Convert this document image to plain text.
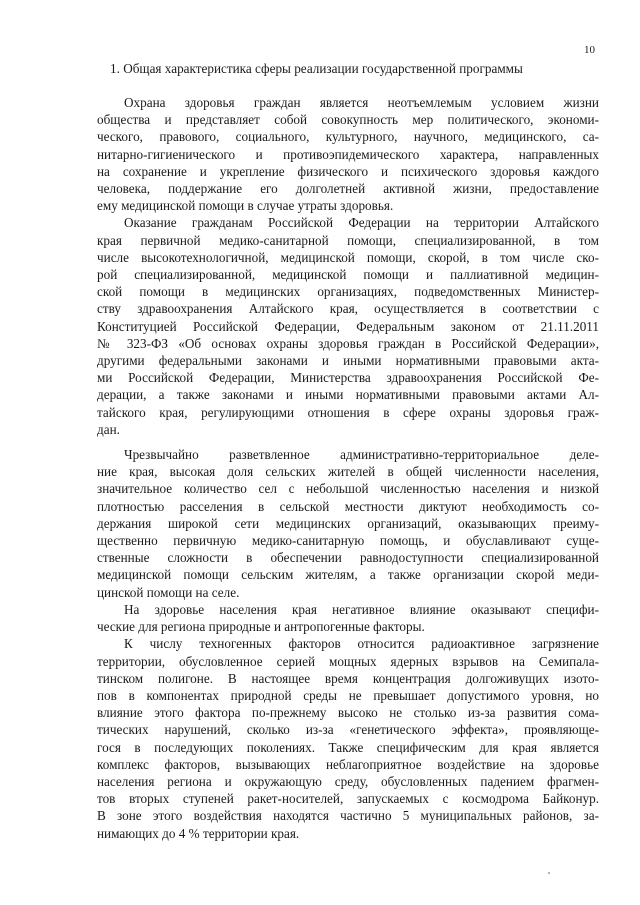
10
1. Общая характеристика сферы реализации государственной программы
Охрана здоровья граждан является неотъемлемым условием жизни
общества и представляет собой совокупность мер политического, экономи-
ческого, правового, социального, культурного, научного, медицинского, са-
нитарно-гигиенического и противоэпидемического характера, направленных
на сохранение и укрепление физического и психического здоровья каждого
человека, поддержание его долголетней активной жизни, предоставление
ему медицинской помощи в случае утраты здоровья.
Оказание гражданам Российской Федерации на территории Алтайского
края первичной медико-санитарной помощи, специализированной, в том
числе высокотехнологичной, медицинской помощи, скорой, в том числе ско-
рой специализированной, медицинской помощи и паллиативной медицин-
ской помощи в медицинских организациях, подведомственных Министер-
ству здравоохранения Алтайского края, осуществляется в соответствии с
Конституцией Российской Федерации, Федеральным законом от 21.11.2011
№ 323-ФЗ «Об основах охраны здоровья граждан в Российской Федерации»,
другими федеральными законами и иными нормативными правовыми акта-
ми Российской Федерации, Министерства здравоохранения Российской Фе-
дерации, а также законами и иными нормативными правовыми актами Ал-
тайского края, регулирующими отношения в сфере охраны здоровья граж-
дан.
Чрезвычайно разветвленное административно-территориальное деле-
ние края, высокая доля сельских жителей в общей численности населения,
значительное количество сел с небольшой численностью населения и низкой
плотностью расселения в сельской местности диктуют необходимость со-
держания широкой сети медицинских организаций, оказывающих преиму-
щественно первичную медико-санитарную помощь, и обуславливают суще-
ственные сложности в обеспечении равнодоступности специализированной
медицинской помощи сельским жителям, а также организации скорой меди-
цинской помощи на селе.
На здоровье населения края негативное влияние оказывают специфи-
ческие для региона природные и антропогенные факторы.
К числу техногенных факторов относится радиоактивное загрязнение
территории, обусловленное серией мощных ядерных взрывов на Семипала-
тинском полигоне. В настоящее время концентрация долгоживущих изото-
пов в компонентах природной среды не превышает допустимого уровня, но
влияние этого фактора по-прежнему высоко не столько из-за развития сома-
тических нарушений, сколько из-за «генетического эффекта», проявляюще-
гося в последующих поколениях. Также специфическим для края является
комплекс факторов, вызывающих неблагоприятное воздействие на здоровье
населения региона и окружающую среду, обусловленных падением фрагмен-
тов вторых ступеней ракет-носителей, запускаемых с космодрома Байконур.
В зоне этого воздействия находятся частично 5 муниципальных районов, за-
нимающих до 4 % территории края.
